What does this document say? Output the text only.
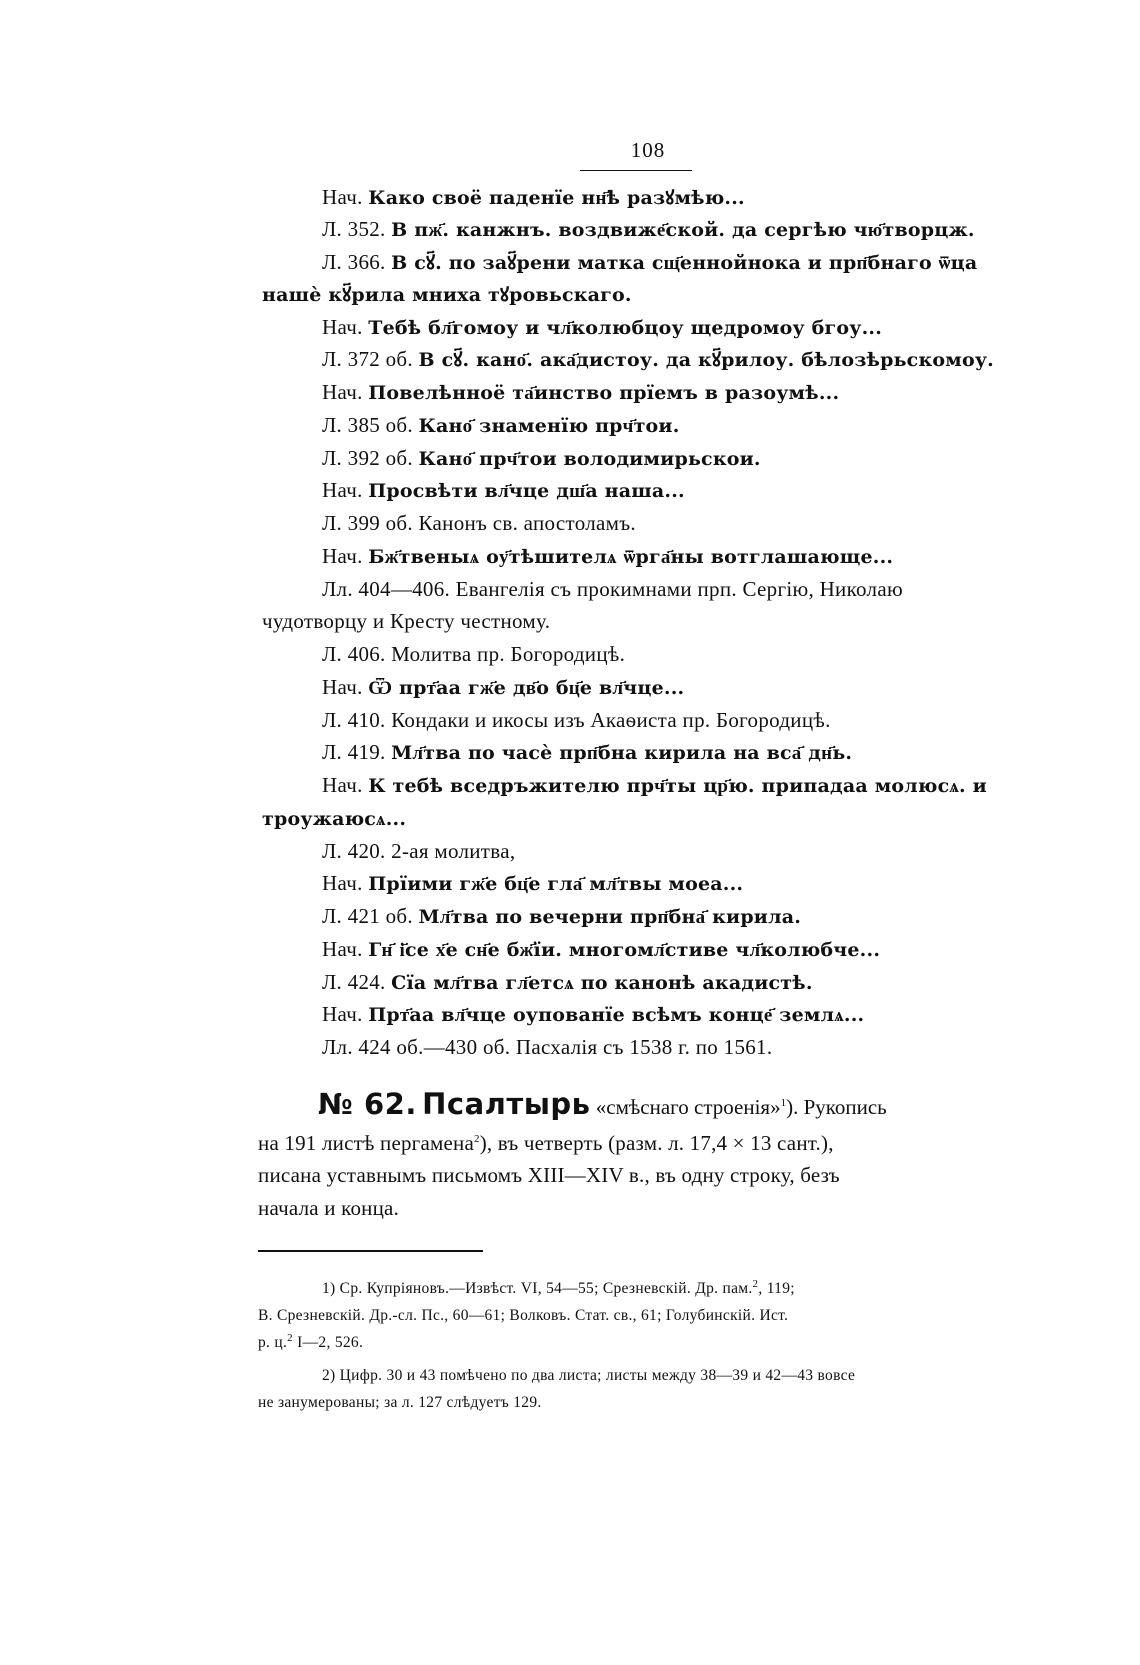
108
Нач. Како своё паденїе нн҃ѣ разꙋмѣю...
Л. 352. В пж҃. канжнъ. воздвиже҃ской. да сергѣю чю҃творцж.
Л. 366. В сꙋ҃. по заꙋ҃рени матка сщ҃еннойнока и прп҃бнаго ѿца
нашѐ кꙋ҃рила мниха тꙋровьскаго.
Нач. Тебѣ бл҃гомоу и чл҃колюбцоу щедромоу бгоу...
Л. 372 об. В сꙋ҃. кано҃. ака҃дистоу. да кꙋ҃рилоу. бѣлозѣрьскомоу.
Нач. Повелѣнноё та҃инство прїемъ в разоумѣ...
Л. 385 об. Кано҃ знаменїю прч҃тои.
Л. 392 об. Кано҃ прч҃тои володимирьскои.
Нач. Просвѣти вл҃чце дш҃а наша...
Л. 399 об. Канонъ св. апостоламъ.
Нач. Бж҃твеныѧ оу҃тѣшителѧ ѿрга҃ны вотглашающе...
Лл. 404—406. Евангелія съ прокимнами прп. Сергію, Николаю
чудотворцу и Кресту честному.
Л. 406. Молитва пр. Богородицѣ.
Нач. Ѿ прт҃аа гж҃е дв҃о бц҃е вл҃чце...
Л. 410. Кондаки и икосы изъ Акаѳиста пр. Богородицѣ.
Л. 419. Мл҃тва по часѐ прп҃бна кирила на вса҃ дн҃ь.
Нач. К тебѣ вседръжителю прч҃ты цр҃ю. припадаа молюсѧ. и
троужаюсѧ...
Л. 420. 2-ая молитва,
Нач. Прїими гж҃е бц҃е гла҃ мл҃твы моеа...
Л. 421 об. Мл҃тва по вечерни прп҃бна҃ кирила.
Нач. Гн҃ і҃се х҃е сн҃е бж҃їи. многомл҃стиве чл҃колюбче...
Л. 424. Сїа мл҃тва гл҃етсѧ по канонѣ акадистѣ.
Нач. Прт҃аа вл҃чце оупованїе всѣмъ конце҃ землѧ...
Лл. 424 об.—430 об. Пасхалія съ 1538 г. по 1561.
№ 62. Псалтырь «смѣснаго строенія»$^1$). Рукопись
на 191 листѣ пергамена$^2$), въ четверть (разм. л. 17,4 × 13 сант.),
писана уставнымъ письмомъ XIII—XIV в., въ одну строку, безъ
начала и конца.
1) Ср. Купріяновъ.—Извѣст. VI, 54—55; Срезневскій. Др. пам.$^2$, 119;
В. Срезневскій. Др.-сл. Пс., 60—61; Волковъ. Стат. св., 61; Голубинскій. Ист.
р. ц.$^2$ I—2, 526.
2) Цифр. 30 и 43 помѣчено по два листа; листы между 38—39 и 42—43 вовсе
не занумерованы; за л. 127 слѣдуетъ 129.
